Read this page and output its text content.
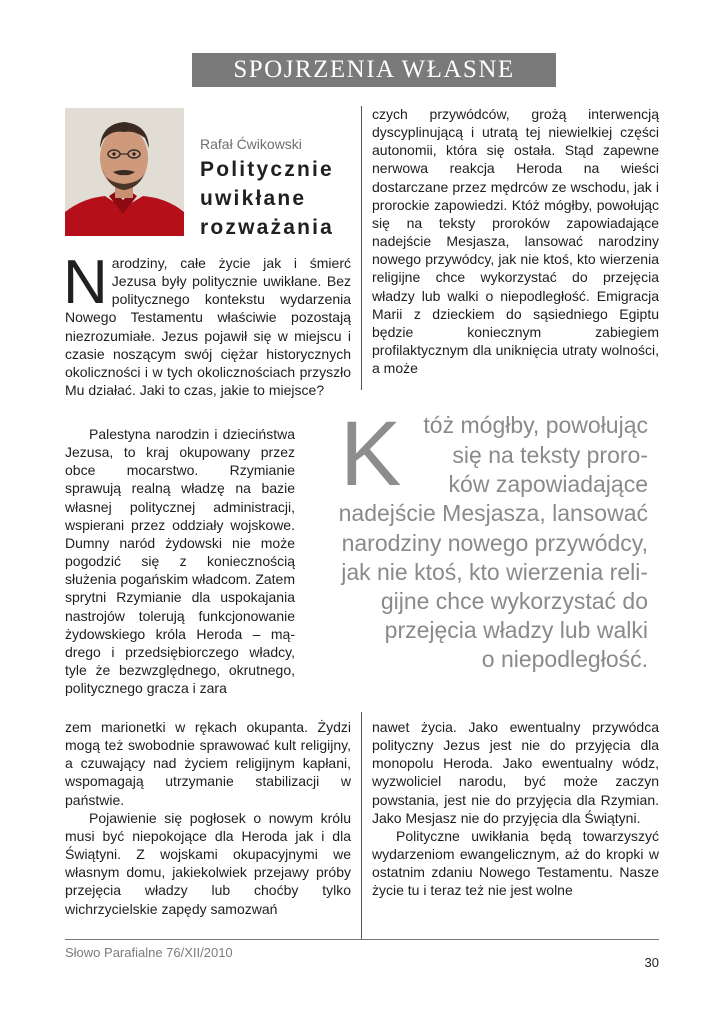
SPOJRZENIA WŁASNE
Rafał Ćwikowski
Politycznie
uwikłane
rozważania
N arodziny, całe życie jak i śmierć Jezusa były politycznie uwikłane. Bez politycznego kontekstu wydarzenia Nowego Testamentu właściwie pozostają niezrozumiałe. Jezus pojawił się w miejscu i czasie noszącym swój ciężar historycznych okoliczności i w tych okolicznościach przyszło Mu działać. Jaki to czas, jakie to miejsce?

Palestyna narodzin i dzieciństwa Jezusa, to kraj okupowany przez obce mocarstwo. Rzymianie sprawują realną władzę na bazie własnej politycznej administracji, wspierani przez oddziały wojskowe. Dumny naród żydowski nie może pogodzić się z koniecznością służenia pogańskim władcom. Zatem sprytni Rzymianie dla uspokajania nastrojów tolerują funkcjonowanie żydowskiego króla Heroda – mądrego i przedsiębiorczego władcy, tyle że bezwzględnego, okrutnego, politycznego gracza i zara

zem marionetki w rękach okupanta. Żydzi mogą też swobodnie sprawować kult religijny, a czuwający nad życiem religijnym kapłani, wspomagają utrzymanie stabilizacji w państwie.

Pojawienie się pogłosek o nowym królu musi być niepokojące dla Heroda jak i dla Świątyni. Z wojskami okupacyjnymi we własnym domu, jakiekolwiek przejawy próby przejęcia władzy lub choćby tylko wichrzycielskie zapędy samozwań

czych przywódców, grożą interwencją dyscyplinującą i utratą tej niewielkiej części autonomii, która się ostała. Stąd zapewne nerwowa reakcja Heroda na wieści dostarczane przez mędrców ze wschodu, jak i prorockie zapowiedzi. Któż mógłby, powołując się na teksty proroków zapowiadające nadejście Mesjasza, lansować narodziny nowego przywódcy, jak nie ktoś, kto wierzenia religijne chce wykorzystać do przejęcia władzy lub walki o niepodległość. Emigracja Marii z dzieckiem do sąsiedniego Egiptu będzie koniecznym zabiegiem profilaktycznym dla uniknięcia utraty wolności, a może

K tóż mógłby, powołując
się na teksty proro-
ków zapowiadające
nadejście Mesjasza, lansować
narodziny nowego przywódcy,
jak nie ktoś, kto wierzenia reli-
gijne chce wykorzystać do
przejęcia władzy lub walki
o niepodległość.

nawet życia. Jako ewentualny przywódca polityczny Jezus jest nie do przyjęcia dla monopolu Heroda. Jako ewentualny wódz, wyzwoliciel narodu, być może zaczyn powstania, jest nie do przyjęcia dla Rzymian. Jako Mesjasz nie do przyjęcia dla Świątyni.

Polityczne uwikłania będą towarzyszyć wydarzeniom ewangelicznym, aż do kropki w ostatnim zdaniu Nowego Testamentu. Nasze życie tu i teraz też nie jest wolne

Słowo Parafialne 76/XII/2010
30
